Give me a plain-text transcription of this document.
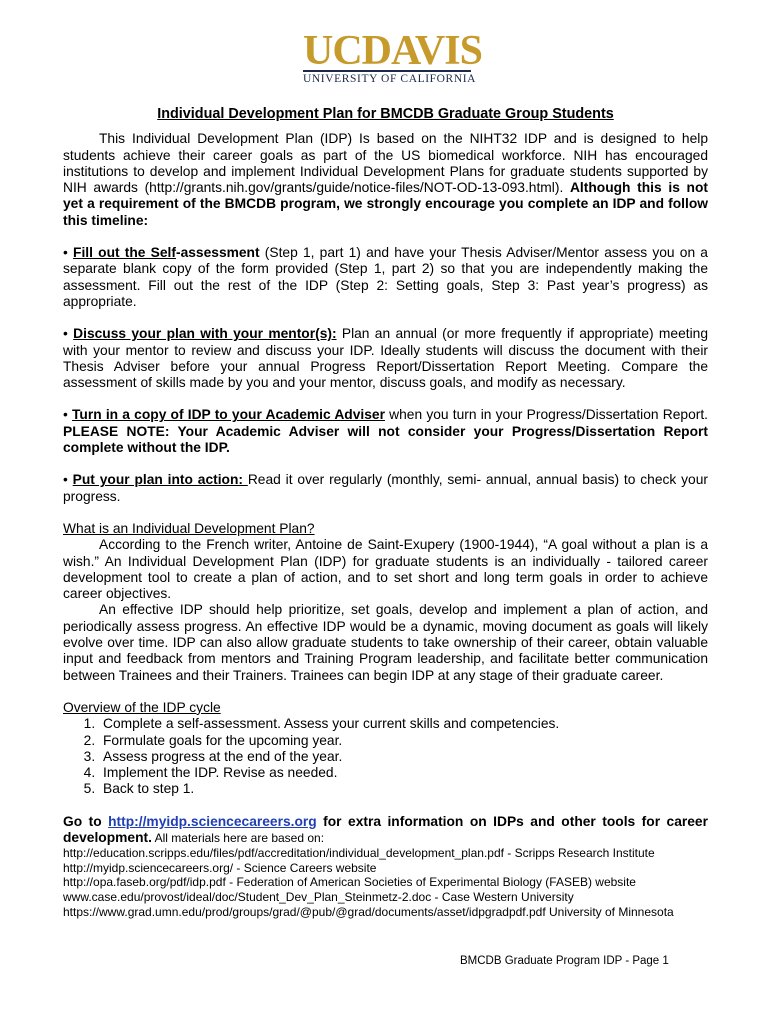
UCDAVIS
UNIVERSITY OF CALIFORNIA
Individual Development Plan for BMCDB Graduate Group Students

This Individual Development Plan (IDP) Is based on the NIHT32 IDP and is designed to help students achieve their career goals as part of the US biomedical workforce. NIH has encouraged institutions to develop and implement Individual Development Plans for graduate students supported by NIH awards (http://grants.nih.gov/grants/guide/notice-files/NOT-OD-13-093.html). Although this is not yet a requirement of the BMCDB program, we strongly encourage you complete an IDP and follow this timeline:

• Fill out the Self-assessment (Step 1, part 1) and have your Thesis Adviser/Mentor assess you on a separate blank copy of the form provided (Step 1, part 2) so that you are independently making the assessment. Fill out the rest of the IDP (Step 2: Setting goals, Step 3: Past year’s progress) as appropriate.

• Discuss your plan with your mentor(s): Plan an annual (or more frequently if appropriate) meeting with your mentor to review and discuss your IDP. Ideally students will discuss the document with their Thesis Adviser before your annual Progress Report/Dissertation Report Meeting. Compare the assessment of skills made by you and your mentor, discuss goals, and modify as necessary.

• Turn in a copy of IDP to your Academic Adviser when you turn in your Progress/Dissertation Report. PLEASE NOTE: Your Academic Adviser will not consider your Progress/Dissertation Report complete without the IDP.

• Put your plan into action: Read it over regularly (monthly, semi- annual, annual basis) to check your progress.

What is an Individual Development Plan?

According to the French writer, Antoine de Saint-Exupery (1900-1944), “A goal without a plan is a wish.” An Individual Development Plan (IDP) for graduate students is an individually - tailored career development tool to create a plan of action, and to set short and long term goals in order to achieve career objectives.

An effective IDP should help prioritize, set goals, develop and implement a plan of action, and periodically assess progress. An effective IDP would be a dynamic, moving document as goals will likely evolve over time. IDP can also allow graduate students to take ownership of their career, obtain valuable input and feedback from mentors and Training Program leadership, and facilitate better communication between Trainees and their Trainers. Trainees can begin IDP at any stage of their graduate career.

Overview of the IDP cycle

1. Complete a self-assessment. Assess your current skills and competencies.
2. Formulate goals for the upcoming year.
3. Assess progress at the end of the year.
4. Implement the IDP. Revise as needed.
5. Back to step 1.

Go to http://myidp.sciencecareers.org for extra information on IDPs and other tools for career development. All materials here are based on:

http://education.scripps.edu/files/pdf/accreditation/individual_development_plan.pdf - Scripps Research Institute
http://myidp.sciencecareers.org/ - Science Careers website
http://opa.faseb.org/pdf/idp.pdf - Federation of American Societies of Experimental Biology (FASEB) website
www.case.edu/provost/ideal/doc/Student_Dev_Plan_Steinmetz-2.doc - Case Western University
https://www.grad.umn.edu/prod/groups/grad/@pub/@grad/documents/asset/idpgradpdf.pdf University of Minnesota
BMCDB Graduate Program IDP - Page 1
